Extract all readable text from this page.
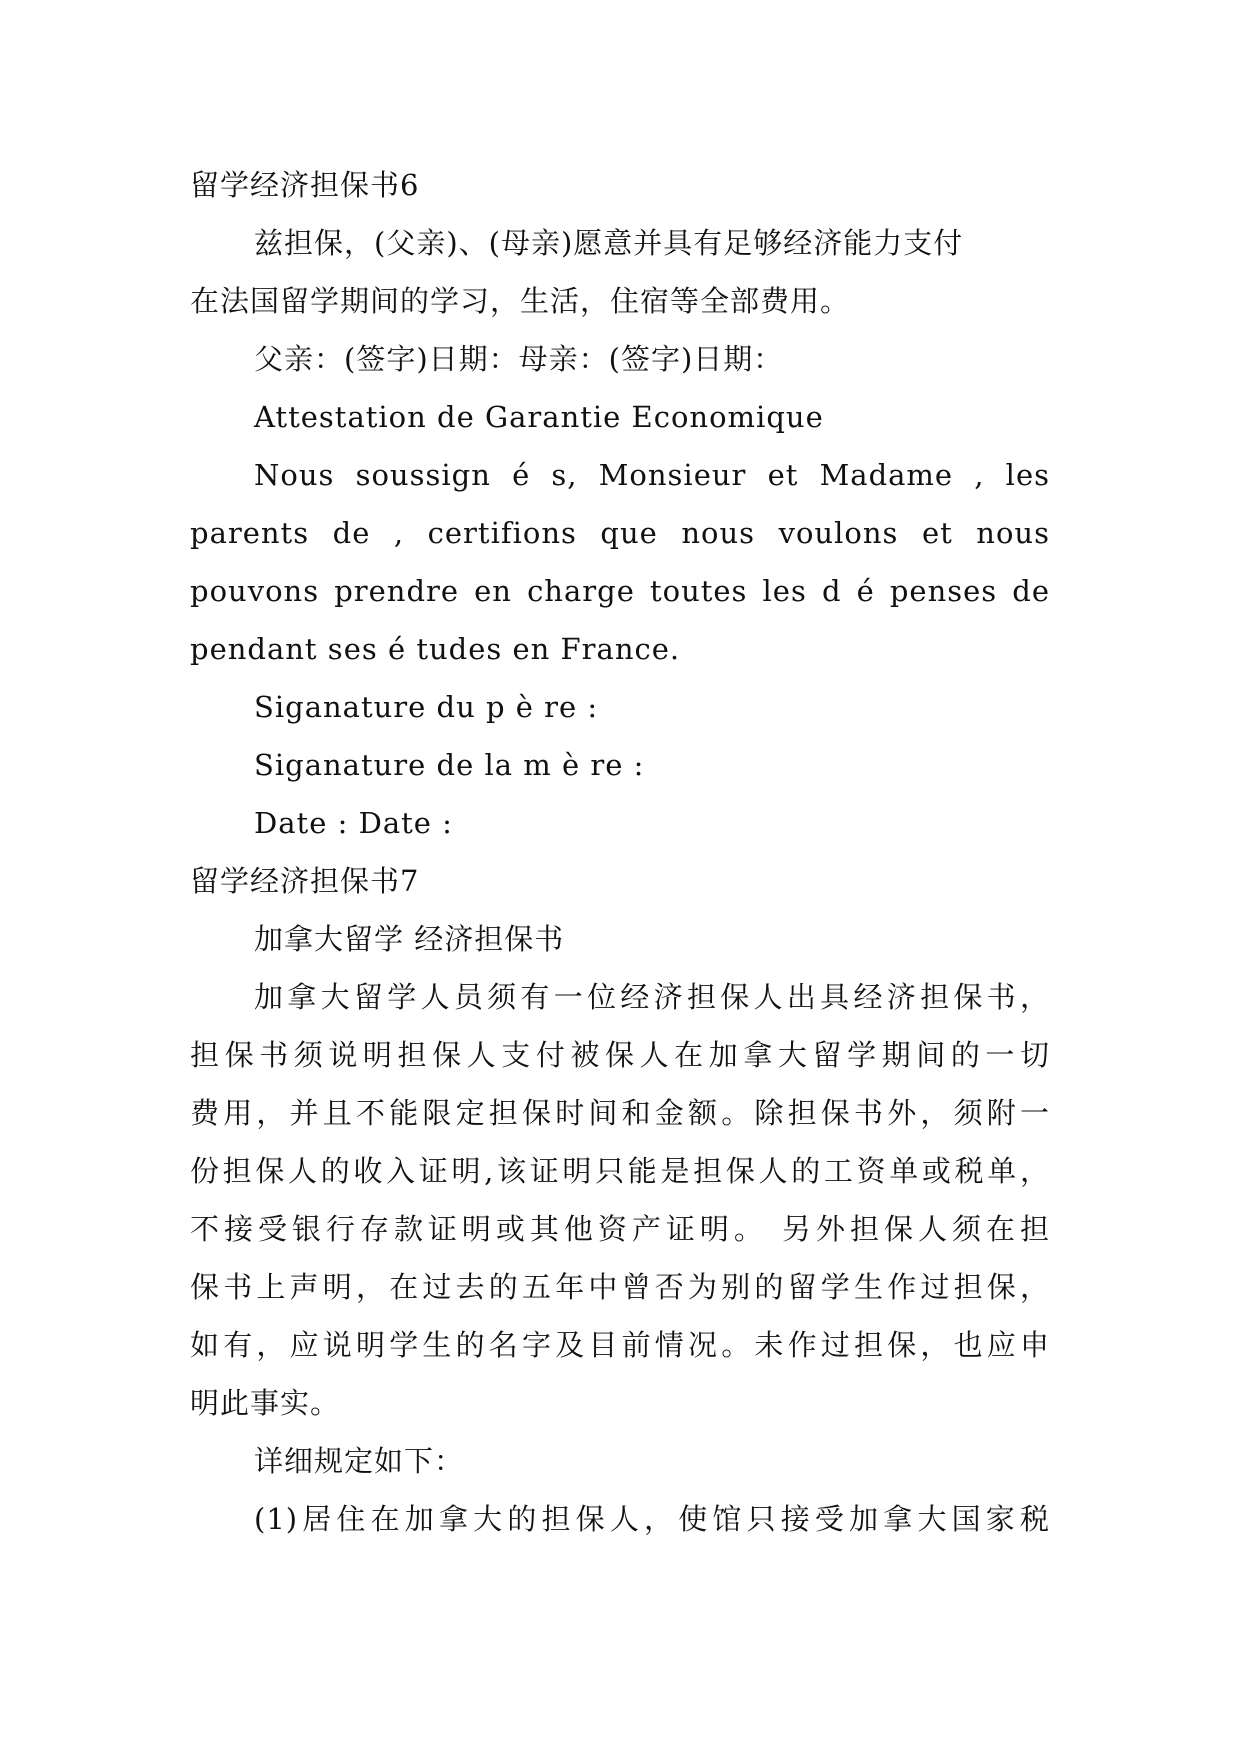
留学经济担保书6
兹担保，(父亲)、(母亲)愿意并具有足够经济能力支付
在法国留学期间的学习，生活，住宿等全部费用。
父亲：(签字)日期：母亲：(签字)日期：
Attestation de Garantie Economique
Nous soussign é s, Monsieur et Madame , les
parents de , certifions que nous voulons et nous
pouvons prendre en charge toutes les d é penses de
pendant ses é tudes en France.
Siganature du p è re :
Siganature de la m è re :
Date : Date :
留学经济担保书7
加拿大留学 经济担保书
加拿大留学人员须有一位经济担保人出具经济担保书，
担保书须说明担保人支付被保人在加拿大留学期间的一切
费用，并且不能限定担保时间和金额。除担保书外，须附一
份担保人的收入证明,该证明只能是担保人的工资单或税单，
不接受银行存款证明或其他资产证明。 另外担保人须在担
保书上声明，在过去的五年中曾否为别的留学生作过担保，
如有，应说明学生的名字及目前情况。未作过担保，也应申
明此事实。
详细规定如下：
(1)居住在加拿大的担保人，使馆只接受加拿大国家税
